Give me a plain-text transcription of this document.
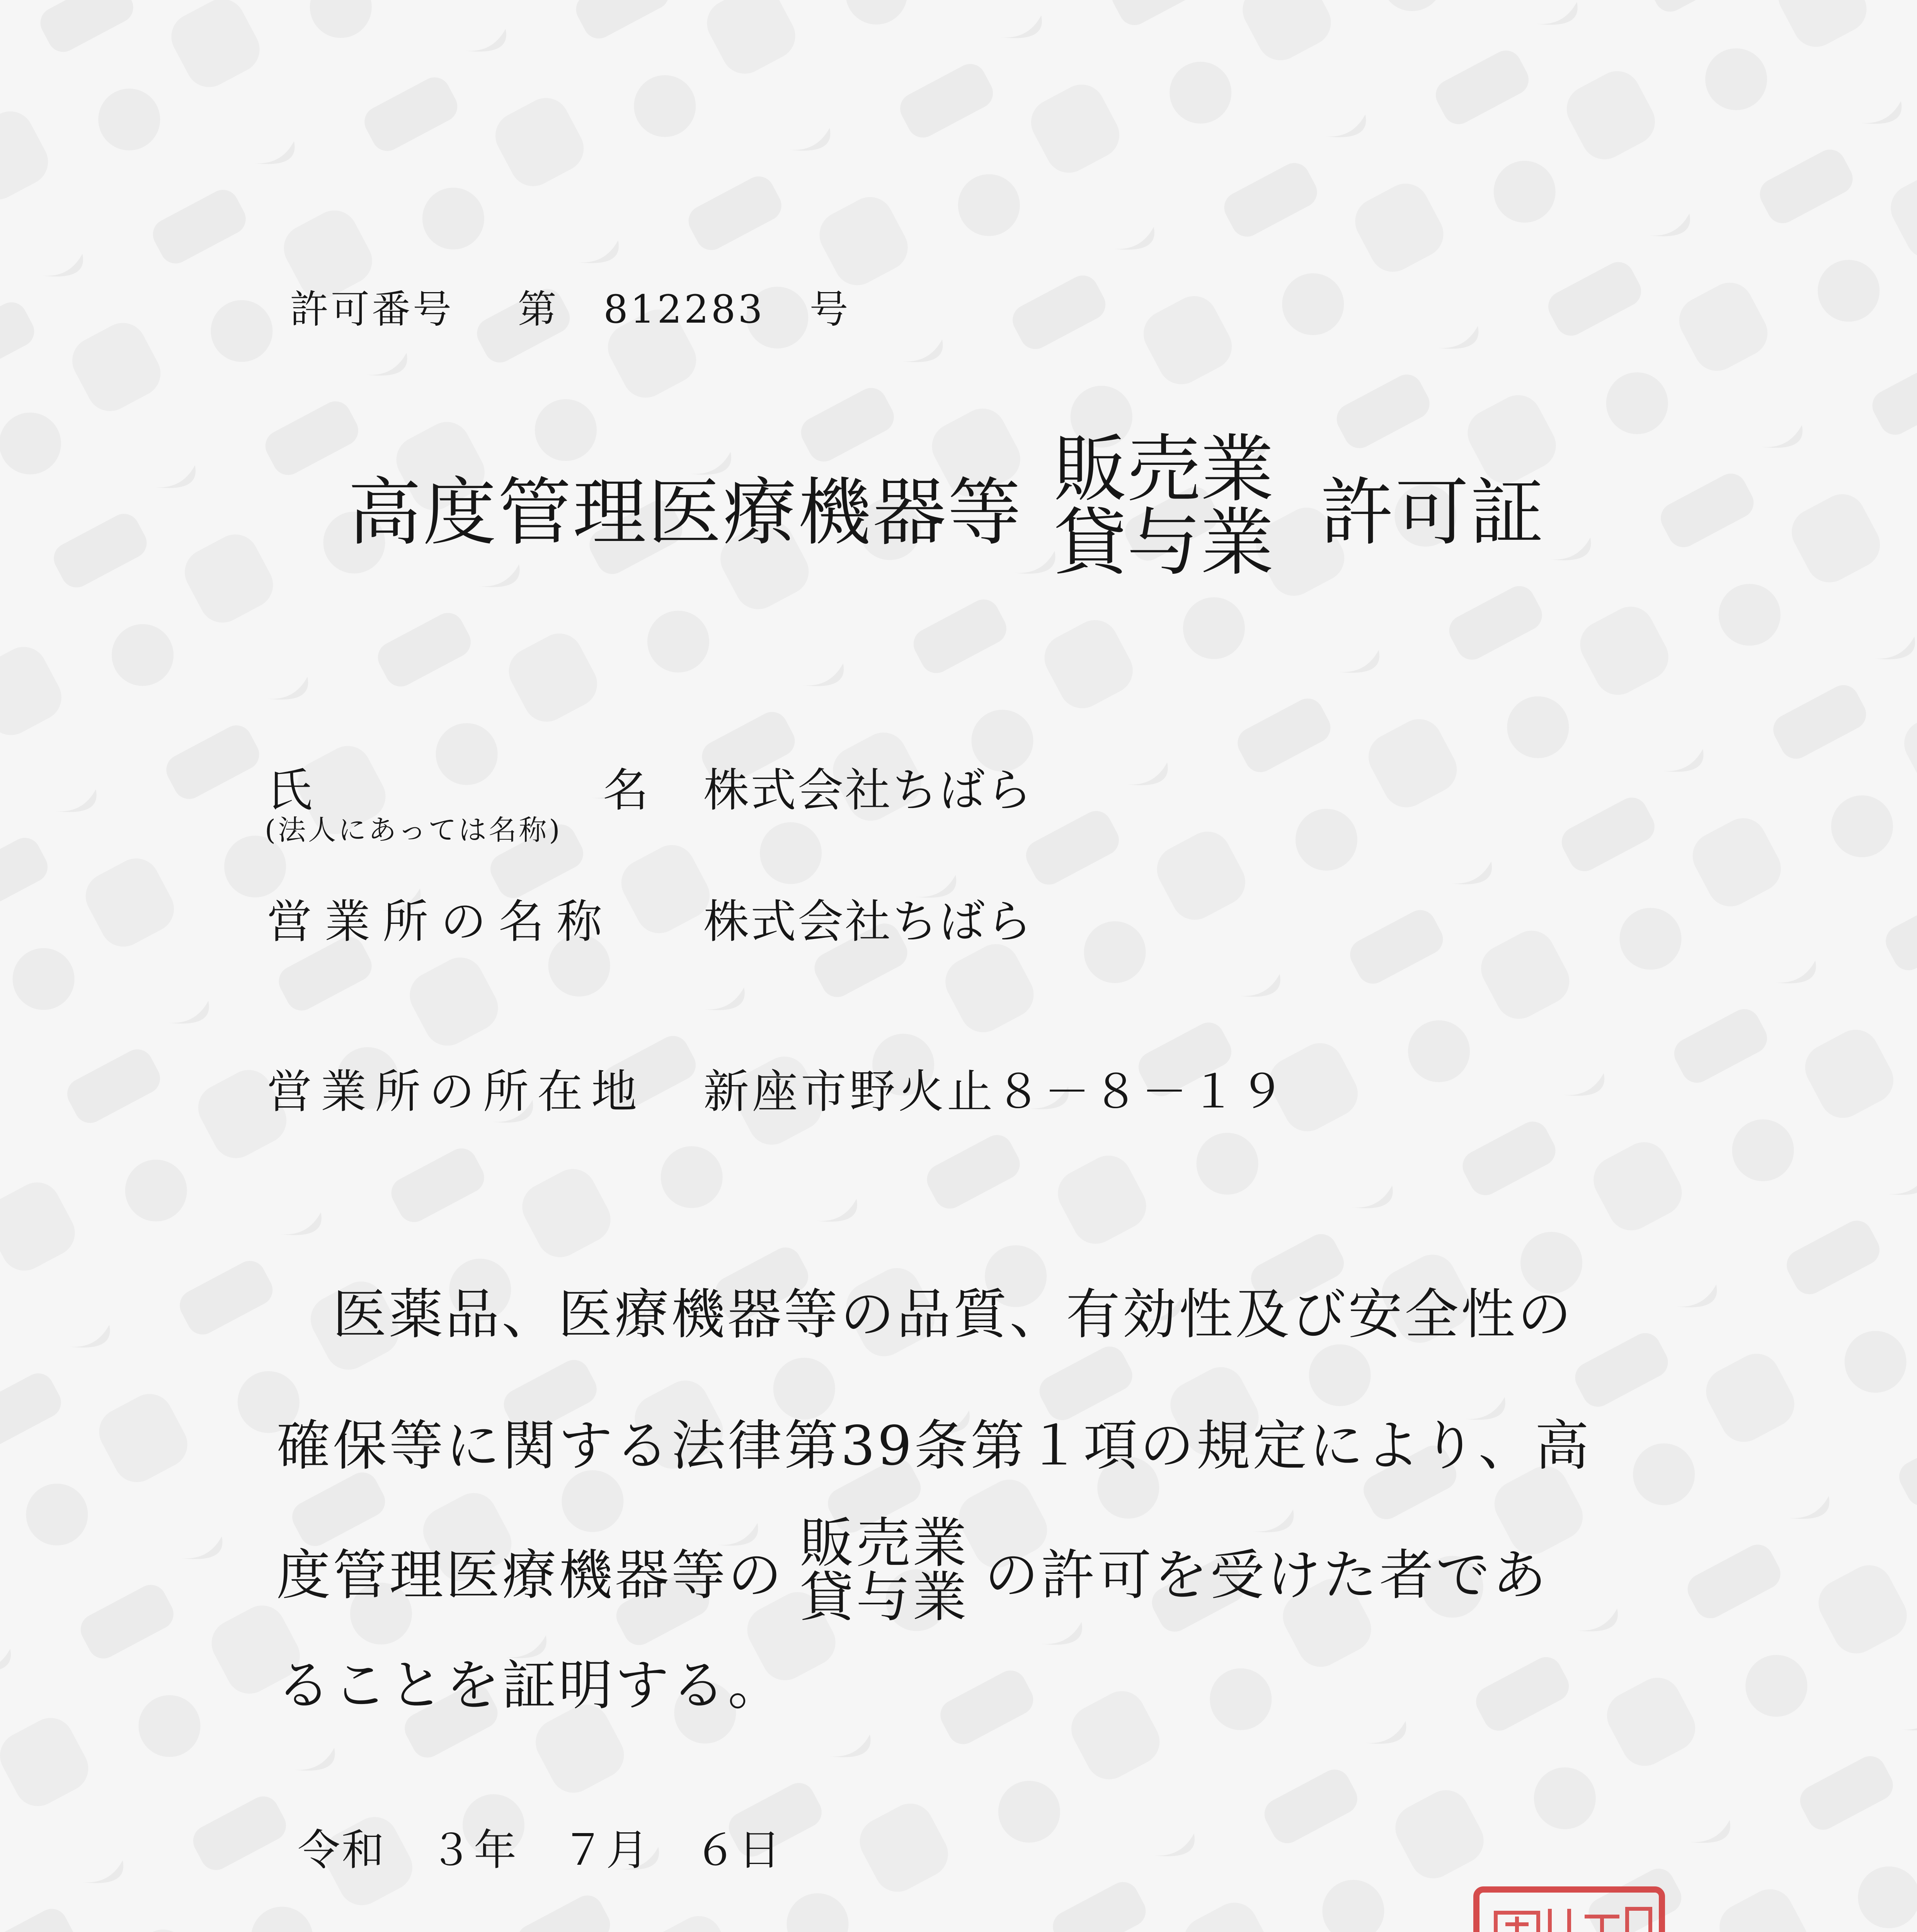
許可番号 第 812283 号
高度管理医療機器等
販売業
貸与業 許可証
氏	名
(法人にあっては名称)
株式会社ちばら
営業所の名称 株式会社ちばら
営業所の所在地 新座市野火止８－８－１９
医薬品、医療機器等の品質、有効性及び安全性の
確保等に関する法律第39条第１項の規定により、高
度管理医療機器等の
販売業
貸与業 の許可を受けた者であ
ることを証明する。
令和　３年　７月　６日
